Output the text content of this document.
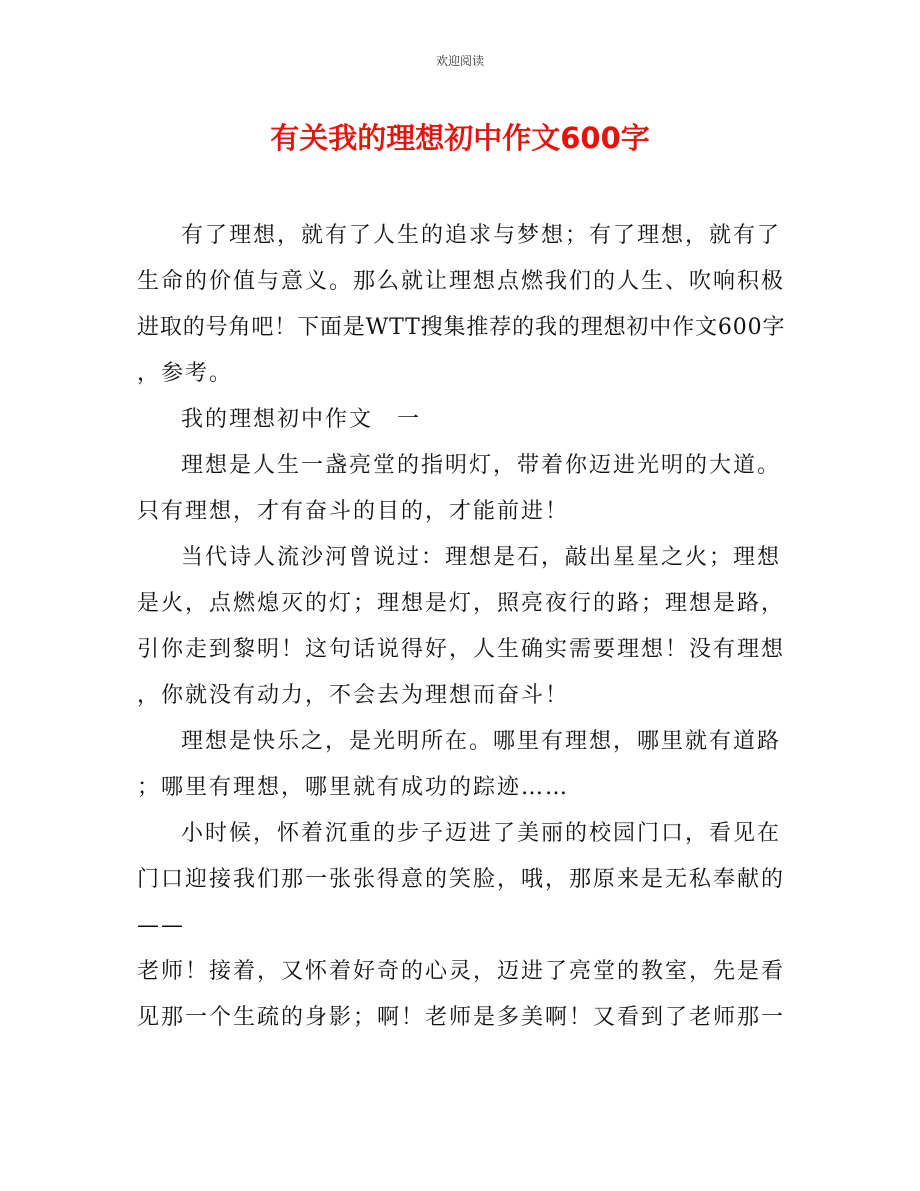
欢迎阅读
有关我的理想初中作文600字
有了理想，就有了人生的追求与梦想；有了理想，就有了
生命的价值与意义。那么就让理想点燃我们的人生、吹响积极
进取的号角吧！下面是WTT搜集推荐的我的理想初中作文600字
，参考。
我的理想初中作文　一
理想是人生一盏亮堂的指明灯，带着你迈进光明的大道。
只有理想，才有奋斗的目的，才能前进！
当代诗人流沙河曾说过：理想是石，敲出星星之火；理想
是火，点燃熄灭的灯；理想是灯，照亮夜行的路；理想是路，
引你走到黎明！这句话说得好，人生确实需要理想！没有理想
，你就没有动力，不会去为理想而奋斗！
理想是快乐之，是光明所在。哪里有理想，哪里就有道路
；哪里有理想，哪里就有成功的踪迹……
小时候，怀着沉重的步子迈进了美丽的校园门口，看见在
门口迎接我们那一张张得意的笑脸，哦，那原来是无私奉献的
——
老师！接着，又怀着好奇的心灵，迈进了亮堂的教室，先是看
见那一个生疏的身影；啊！老师是多美啊！又看到了老师那一
